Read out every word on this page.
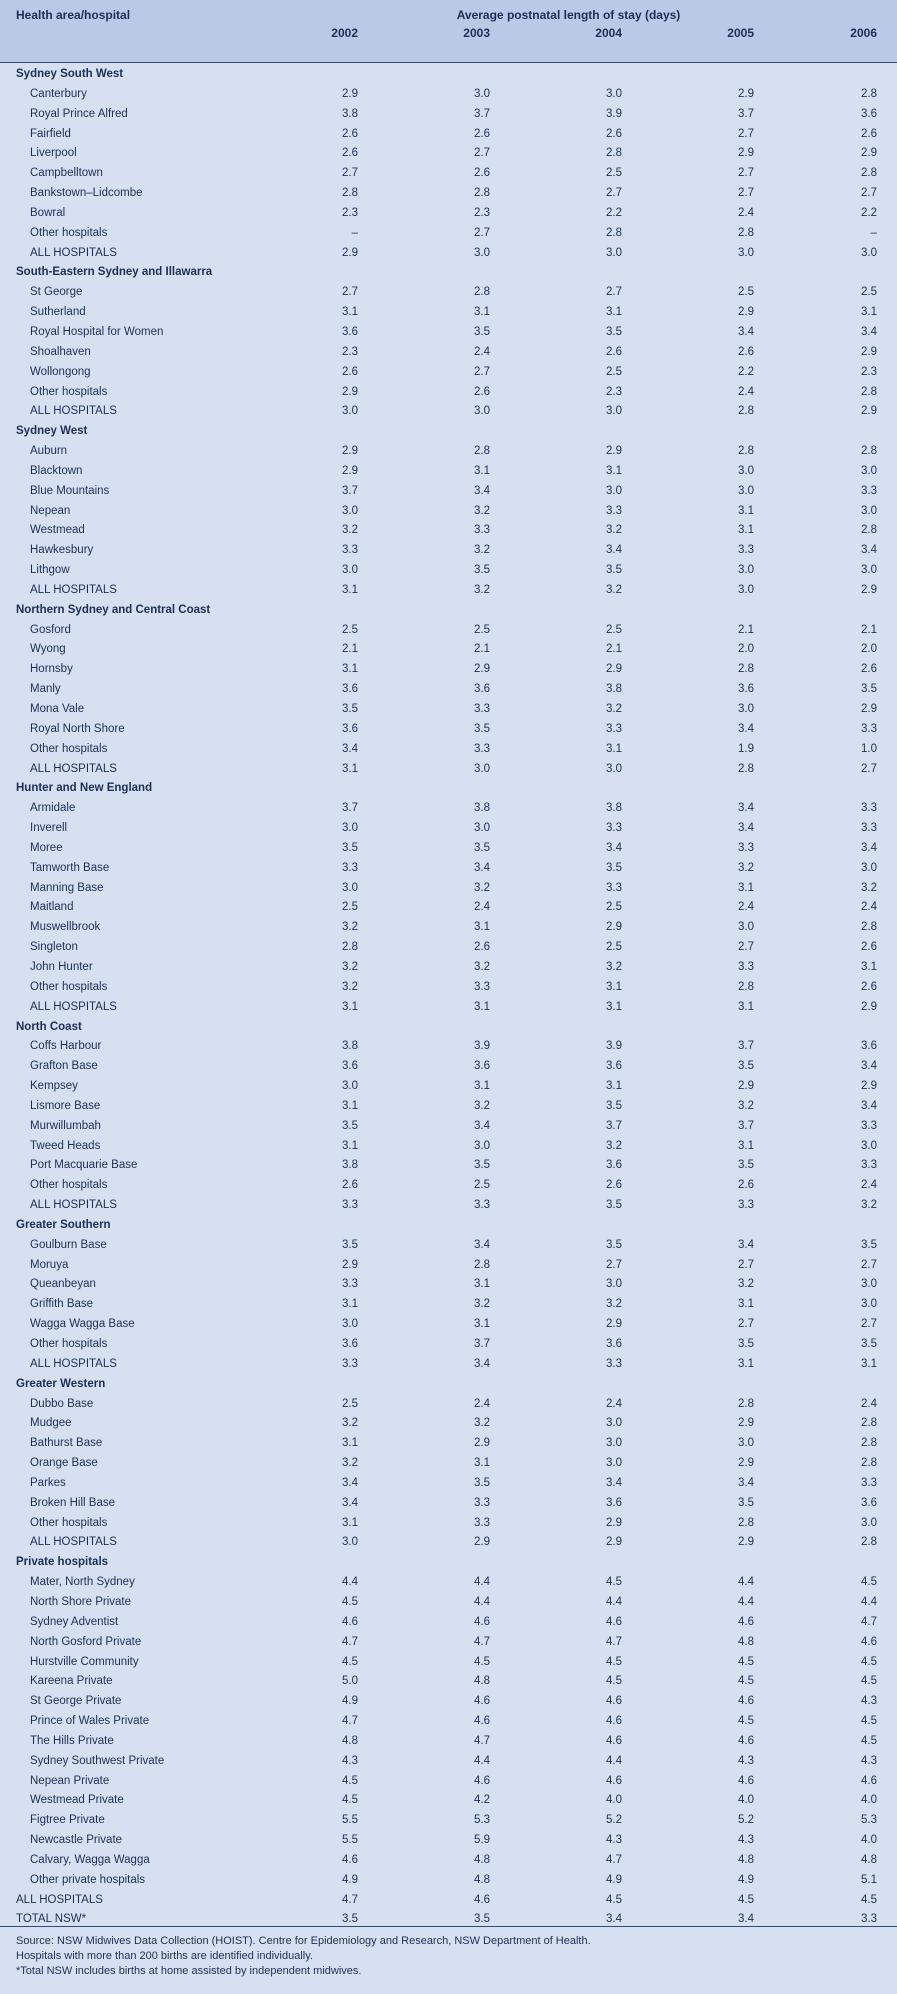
Health area/hospital	Average postnatal length of stay (days)
2002	2003	2004	2005	2006
Sydney South West
Canterbury	2.9	3.0	3.0	2.9	2.8
Royal Prince Alfred	3.8	3.7	3.9	3.7	3.6
Fairfield	2.6	2.6	2.6	2.7	2.6
Liverpool	2.6	2.7	2.8	2.9	2.9
Campbelltown	2.7	2.6	2.5	2.7	2.8
Bankstown–Lidcombe	2.8	2.8	2.7	2.7	2.7
Bowral	2.3	2.3	2.2	2.4	2.2
Other hospitals	–	2.7	2.8	2.8	–
ALL HOSPITALS	2.9	3.0	3.0	3.0	3.0
South-Eastern Sydney and Illawarra
St George	2.7	2.8	2.7	2.5	2.5
Sutherland	3.1	3.1	3.1	2.9	3.1
Royal Hospital for Women	3.6	3.5	3.5	3.4	3.4
Shoalhaven	2.3	2.4	2.6	2.6	2.9
Wollongong	2.6	2.7	2.5	2.2	2.3
Other hospitals	2.9	2.6	2.3	2.4	2.8
ALL HOSPITALS	3.0	3.0	3.0	2.8	2.9
Sydney West
Auburn	2.9	2.8	2.9	2.8	2.8
Blacktown	2.9	3.1	3.1	3.0	3.0
Blue Mountains	3.7	3.4	3.0	3.0	3.3
Nepean	3.0	3.2	3.3	3.1	3.0
Westmead	3.2	3.3	3.2	3.1	2.8
Hawkesbury	3.3	3.2	3.4	3.3	3.4
Lithgow	3.0	3.5	3.5	3.0	3.0
ALL HOSPITALS	3.1	3.2	3.2	3.0	2.9
Northern Sydney and Central Coast
Gosford	2.5	2.5	2.5	2.1	2.1
Wyong	2.1	2.1	2.1	2.0	2.0
Hornsby	3.1	2.9	2.9	2.8	2.6
Manly	3.6	3.6	3.8	3.6	3.5
Mona Vale	3.5	3.3	3.2	3.0	2.9
Royal North Shore	3.6	3.5	3.3	3.4	3.3
Other hospitals	3.4	3.3	3.1	1.9	1.0
ALL HOSPITALS	3.1	3.0	3.0	2.8	2.7
Hunter and New England
Armidale	3.7	3.8	3.8	3.4	3.3
Inverell	3.0	3.0	3.3	3.4	3.3
Moree	3.5	3.5	3.4	3.3	3.4
Tamworth Base	3.3	3.4	3.5	3.2	3.0
Manning Base	3.0	3.2	3.3	3.1	3.2
Maitland	2.5	2.4	2.5	2.4	2.4
Muswellbrook	3.2	3.1	2.9	3.0	2.8
Singleton	2.8	2.6	2.5	2.7	2.6
John Hunter	3.2	3.2	3.2	3.3	3.1
Other hospitals	3.2	3.3	3.1	2.8	2.6
ALL HOSPITALS	3.1	3.1	3.1	3.1	2.9
North Coast
Coffs Harbour	3.8	3.9	3.9	3.7	3.6
Grafton Base	3.6	3.6	3.6	3.5	3.4
Kempsey	3.0	3.1	3.1	2.9	2.9
Lismore Base	3.1	3.2	3.5	3.2	3.4
Murwillumbah	3.5	3.4	3.7	3.7	3.3
Tweed Heads	3.1	3.0	3.2	3.1	3.0
Port Macquarie Base	3.8	3.5	3.6	3.5	3.3
Other hospitals	2.6	2.5	2.6	2.6	2.4
ALL HOSPITALS	3.3	3.3	3.5	3.3	3.2
Greater Southern
Goulburn Base	3.5	3.4	3.5	3.4	3.5
Moruya	2.9	2.8	2.7	2.7	2.7
Queanbeyan	3.3	3.1	3.0	3.2	3.0
Griffith Base	3.1	3.2	3.2	3.1	3.0
Wagga Wagga Base	3.0	3.1	2.9	2.7	2.7
Other hospitals	3.6	3.7	3.6	3.5	3.5
ALL HOSPITALS	3.3	3.4	3.3	3.1	3.1
Greater Western
Dubbo Base	2.5	2.4	2.4	2.8	2.4
Mudgee	3.2	3.2	3.0	2.9	2.8
Bathurst Base	3.1	2.9	3.0	3.0	2.8
Orange Base	3.2	3.1	3.0	2.9	2.8
Parkes	3.4	3.5	3.4	3.4	3.3
Broken Hill Base	3.4	3.3	3.6	3.5	3.6
Other hospitals	3.1	3.3	2.9	2.8	3.0
ALL HOSPITALS	3.0	2.9	2.9	2.9	2.8
Private hospitals
Mater, North Sydney	4.4	4.4	4.5	4.4	4.5
North Shore Private	4.5	4.4	4.4	4.4	4.4
Sydney Adventist	4.6	4.6	4.6	4.6	4.7
North Gosford Private	4.7	4.7	4.7	4.8	4.6
Hurstville Community	4.5	4.5	4.5	4.5	4.5
Kareena Private	5.0	4.8	4.5	4.5	4.5
St George Private	4.9	4.6	4.6	4.6	4.3
Prince of Wales Private	4.7	4.6	4.6	4.5	4.5
The Hills Private	4.8	4.7	4.6	4.6	4.5
Sydney Southwest Private	4.3	4.4	4.4	4.3	4.3
Nepean Private	4.5	4.6	4.6	4.6	4.6
Westmead Private	4.5	4.2	4.0	4.0	4.0
Figtree Private	5.5	5.3	5.2	5.2	5.3
Newcastle Private	5.5	5.9	4.3	4.3	4.0
Calvary, Wagga Wagga	4.6	4.8	4.7	4.8	4.8
Other private hospitals	4.9	4.8	4.9	4.9	5.1
ALL HOSPITALS	4.7	4.6	4.5	4.5	4.5
TOTAL NSW*	3.5	3.5	3.4	3.4	3.3
Source: NSW Midwives Data Collection (HOIST). Centre for Epidemiology and Research, NSW Department of Health.
Hospitals with more than 200 births are identified individually.
*Total NSW includes births at home assisted by independent midwives.
